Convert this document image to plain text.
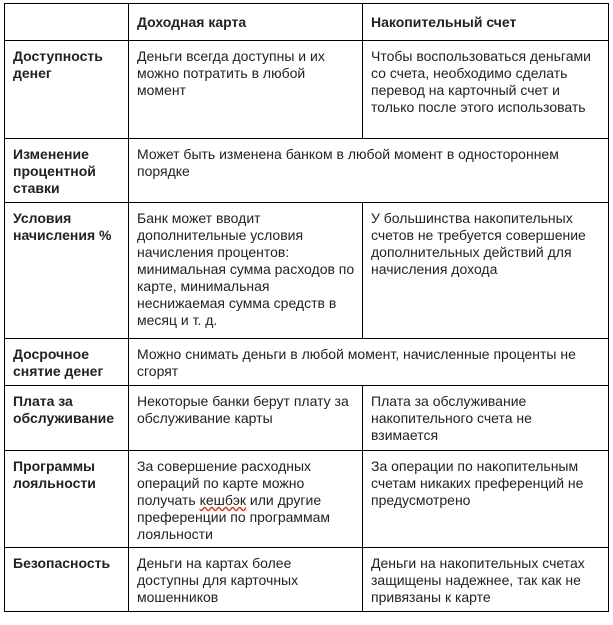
	Доходная карта	Накопительный счет
Доступность денег	Деньги всегда доступны и их можно потратить в любой момент	Чтобы воспользоваться деньгами со счета, необходимо сделать перевод на карточный счет и только после этого использовать
Изменение процентной ставки	Может быть изменена банком в любой момент в одностороннем порядке	
Условия начисления %	Банк может вводит дополнительные условия начисления процентов: минимальная сумма расходов по карте, минимальная неснижаемая сумма средств в месяц и т. д.	У большинства накопительных счетов не требуется совершение дополнительных действий для начисления дохода
Досрочное снятие денег	Можно снимать деньги в любой момент, начисленные проценты не сгорят	
Плата за обслуживание	Некоторые банки берут плату за обслуживание карты	Плата за обслуживание накопительного счета не взимается
Программы лояльности	За совершение расходных операций по карте можно получать кешбэк или другие преференции по программам лояльности	За операции по накопительным счетам никаких преференций не предусмотрено
Безопасность	Деньги на картах более доступны для карточных мошенников	Деньги на накопительных счетах защищены надежнее, так как не привязаны к карте
